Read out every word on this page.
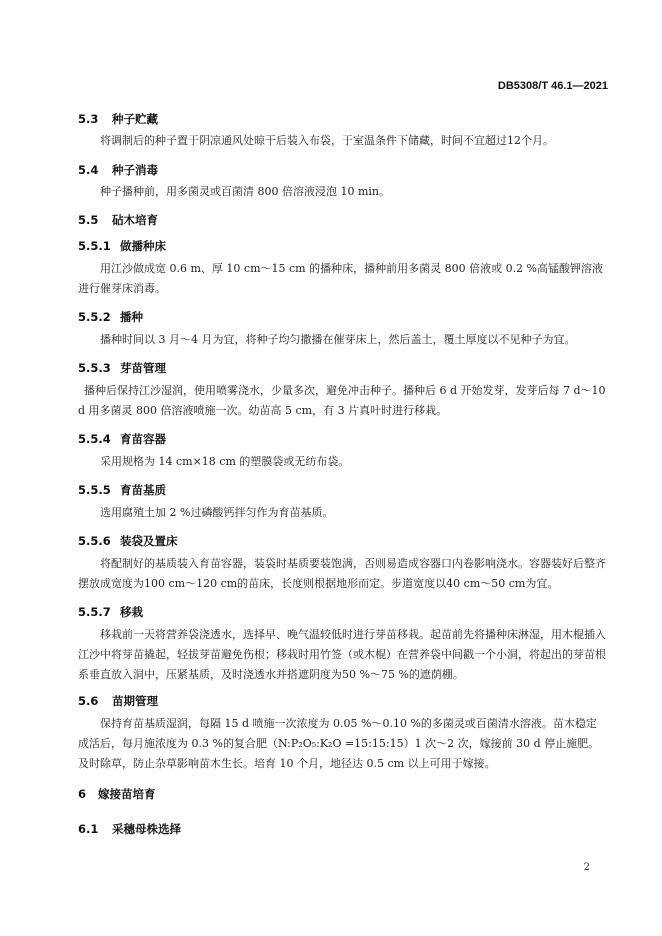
DB5308/T 46.1—2021
5.3 种子贮藏
将调制后的种子置于阴凉通风处晾干后装入布袋，于室温条件下储藏，时间不宜超过12个月。
5.4 种子消毒
种子播种前，用多菌灵或百菌清 800 倍溶液浸泡 10 min。
5.5 砧木培育
5.5.1 做播种床
用江沙做成宽 0.6 m、厚 10 cm～15 cm 的播种床，播种前用多菌灵 800 倍液或 0.2 %高锰酸钾溶液进行催芽床消毒。
5.5.2 播种
播种时间以 3 月～4 月为宜，将种子均匀撒播在催芽床上，然后盖土，覆土厚度以不见种子为宜。
5.5.3 芽苗管理
播种后保持江沙湿润，使用喷雾浇水，少量多次，避免冲击种子。播种后 6 d 开始发芽，发芽后每 7 d～10 d 用多菌灵 800 倍溶液喷施一次。幼苗高 5 cm，有 3 片真叶时进行移栽。
5.5.4 育苗容器
采用规格为 14 cm×18 cm 的塑膜袋或无纺布袋。
5.5.5 育苗基质
选用腐殖土加 2 %过磷酸钙拌匀作为育苗基质。
5.5.6 装袋及置床
将配制好的基质装入育苗容器，装袋时基质要装饱满，否则易造成容器口内卷影响浇水。容器装好后整齐摆放成宽度为100 cm～120 cm的苗床，长度则根据地形而定。步道宽度以40 cm～50 cm为宜。
5.5.7 移栽
移栽前一天将营养袋浇透水，选择早、晚气温较低时进行芽苗移栽。起苗前先将播种床淋湿，用木棍插入江沙中将芽苗撬起，轻拔芽苗避免伤根；移栽时用竹签（或木棍）在营养袋中间戳一个小洞，将起出的芽苗根系垂直放入洞中，压紧基质，及时浇透水并搭遮阴度为50 %～75 %的遮荫棚。
5.6 苗期管理
保持育苗基质湿润，每隔 15 d 喷施一次浓度为 0.05 %～0.10 %的多菌灵或百菌清水溶液。苗木稳定成活后，每月施浓度为 0.3 %的复合肥（N:P₂O₅:K₂O =15:15:15）1 次～2 次，嫁接前 30 d 停止施肥。及时除草，防止杂草影响苗木生长。培育 10 个月，地径达 0.5 cm 以上可用于嫁接。
6 嫁接苗培育
6.1 采穗母株选择
2
